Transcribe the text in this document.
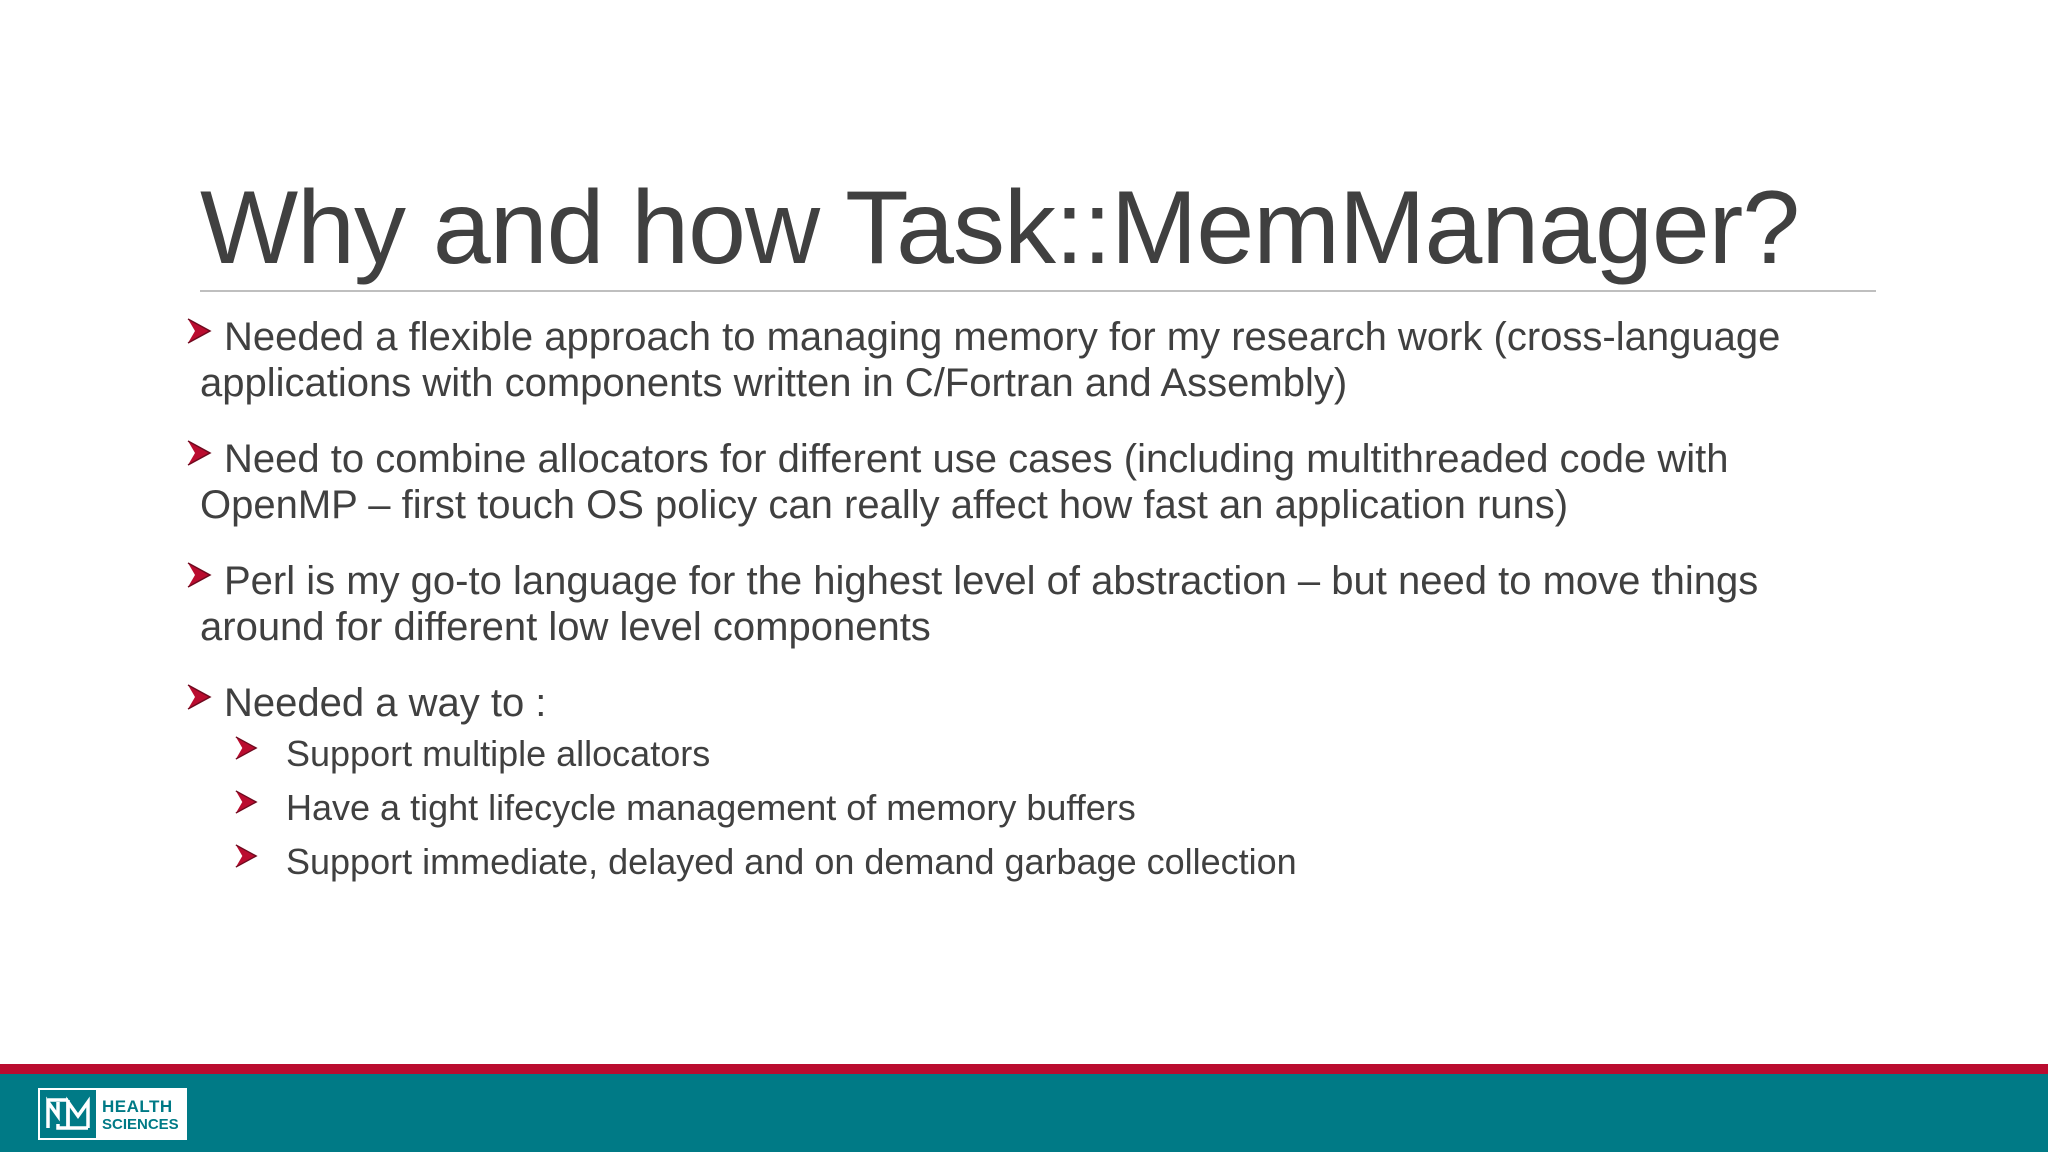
Why and how Task::MemManager?
Needed a flexible approach to managing memory for my research work (cross-language applications with components written in C/Fortran and Assembly)
Need to combine allocators for different use cases (including multithreaded code with OpenMP – first touch OS policy can really affect how fast an application runs)
Perl is my go-to language for the highest level of abstraction – but need to move things around for different low level components
Needed a way to :
Support multiple allocators
Have a tight lifecycle management of memory buffers
Support immediate, delayed and on demand garbage collection
HEALTH
SCIENCES
